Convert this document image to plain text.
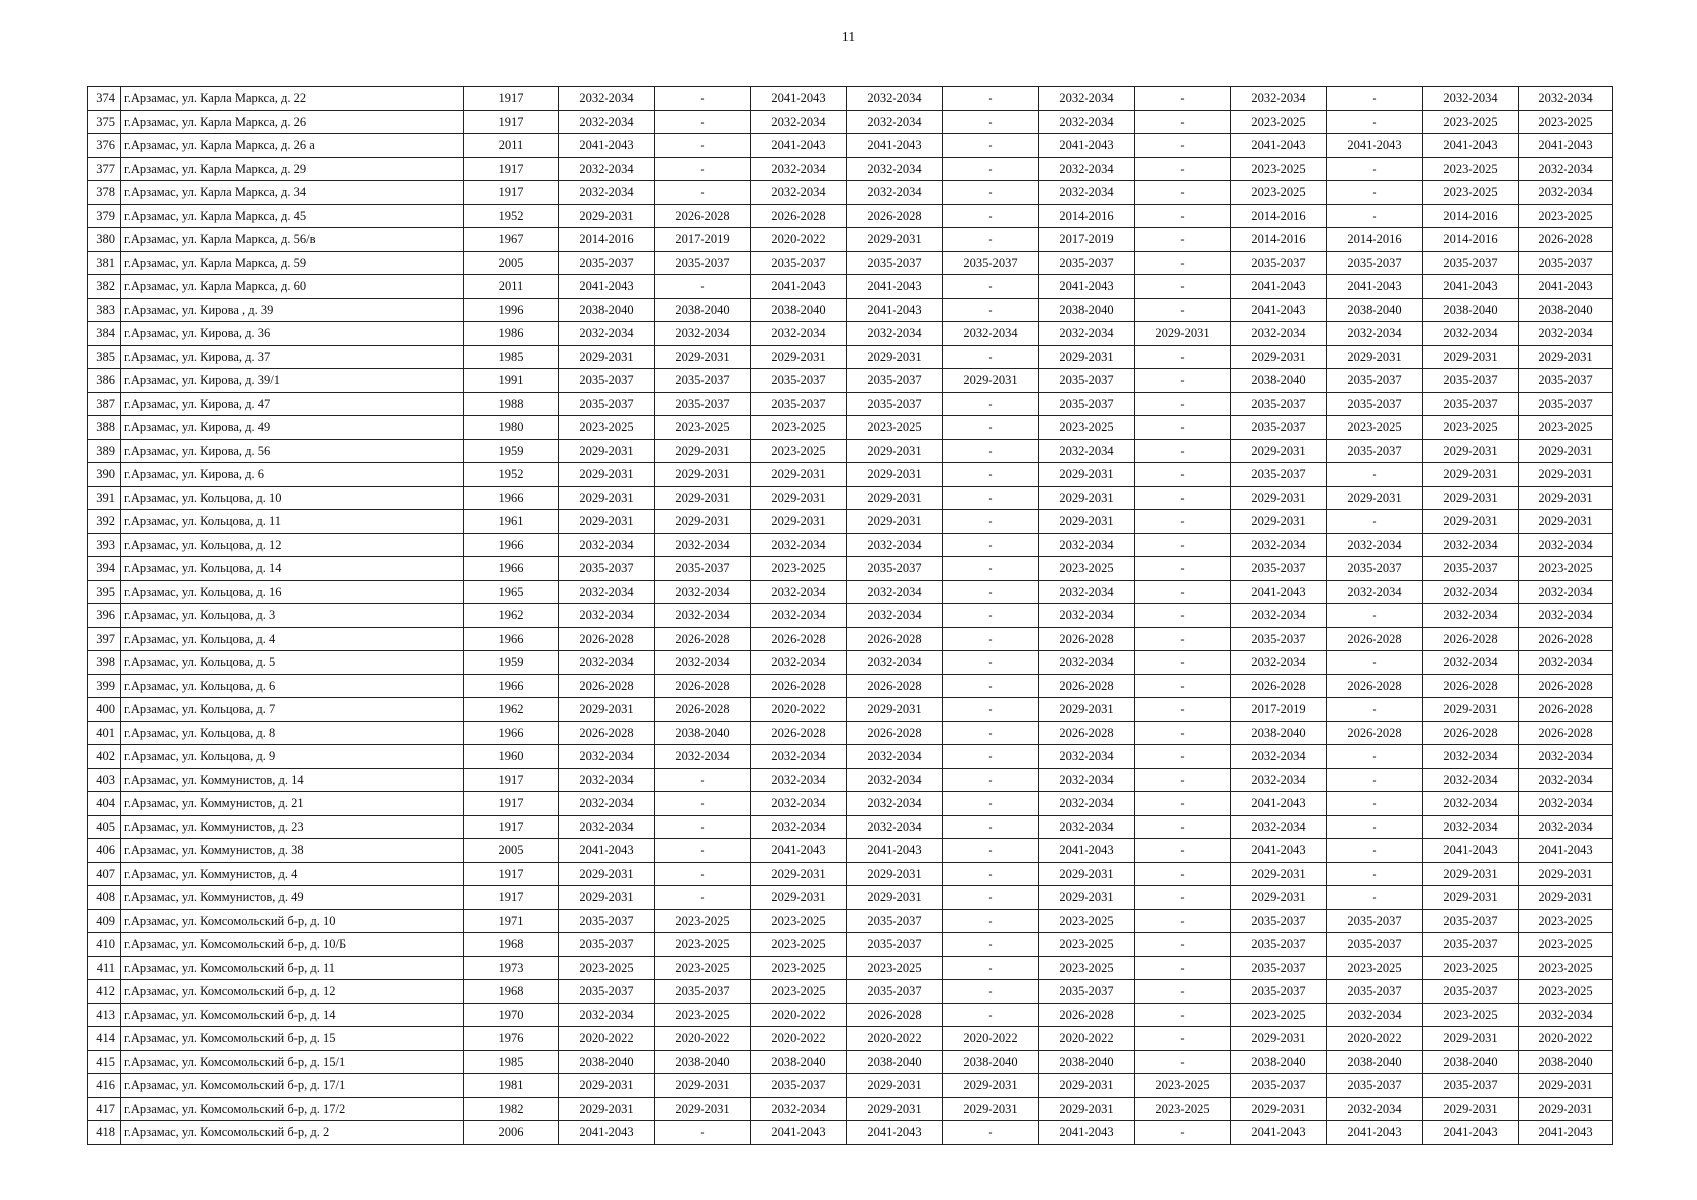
11
374	г.Арзамас, ул. Карла Маркса, д. 22	1917	2032-2034	-	2041-2043	2032-2034	-	2032-2034	-	2032-2034	-	2032-2034	2032-2034
375	г.Арзамас, ул. Карла Маркса, д. 26	1917	2032-2034	-	2032-2034	2032-2034	-	2032-2034	-	2023-2025	-	2023-2025	2023-2025
376	г.Арзамас, ул. Карла Маркса, д. 26 а	2011	2041-2043	-	2041-2043	2041-2043	-	2041-2043	-	2041-2043	2041-2043	2041-2043	2041-2043
377	г.Арзамас, ул. Карла Маркса, д. 29	1917	2032-2034	-	2032-2034	2032-2034	-	2032-2034	-	2023-2025	-	2023-2025	2032-2034
378	г.Арзамас, ул. Карла Маркса, д. 34	1917	2032-2034	-	2032-2034	2032-2034	-	2032-2034	-	2023-2025	-	2023-2025	2032-2034
379	г.Арзамас, ул. Карла Маркса, д. 45	1952	2029-2031	2026-2028	2026-2028	2026-2028	-	2014-2016	-	2014-2016	-	2014-2016	2023-2025
380	г.Арзамас, ул. Карла Маркса, д. 56/в	1967	2014-2016	2017-2019	2020-2022	2029-2031	-	2017-2019	-	2014-2016	2014-2016	2014-2016	2026-2028
381	г.Арзамас, ул. Карла Маркса, д. 59	2005	2035-2037	2035-2037	2035-2037	2035-2037	2035-2037	2035-2037	-	2035-2037	2035-2037	2035-2037	2035-2037
382	г.Арзамас, ул. Карла Маркса, д. 60	2011	2041-2043	-	2041-2043	2041-2043	-	2041-2043	-	2041-2043	2041-2043	2041-2043	2041-2043
383	г.Арзамас, ул. Кирова , д. 39	1996	2038-2040	2038-2040	2038-2040	2041-2043	-	2038-2040	-	2041-2043	2038-2040	2038-2040	2038-2040
384	г.Арзамас, ул. Кирова, д. 36	1986	2032-2034	2032-2034	2032-2034	2032-2034	2032-2034	2032-2034	2029-2031	2032-2034	2032-2034	2032-2034	2032-2034
385	г.Арзамас, ул. Кирова, д. 37	1985	2029-2031	2029-2031	2029-2031	2029-2031	-	2029-2031	-	2029-2031	2029-2031	2029-2031	2029-2031
386	г.Арзамас, ул. Кирова, д. 39/1	1991	2035-2037	2035-2037	2035-2037	2035-2037	2029-2031	2035-2037	-	2038-2040	2035-2037	2035-2037	2035-2037
387	г.Арзамас, ул. Кирова, д. 47	1988	2035-2037	2035-2037	2035-2037	2035-2037	-	2035-2037	-	2035-2037	2035-2037	2035-2037	2035-2037
388	г.Арзамас, ул. Кирова, д. 49	1980	2023-2025	2023-2025	2023-2025	2023-2025	-	2023-2025	-	2035-2037	2023-2025	2023-2025	2023-2025
389	г.Арзамас, ул. Кирова, д. 56	1959	2029-2031	2029-2031	2023-2025	2029-2031	-	2032-2034	-	2029-2031	2035-2037	2029-2031	2029-2031
390	г.Арзамас, ул. Кирова, д. 6	1952	2029-2031	2029-2031	2029-2031	2029-2031	-	2029-2031	-	2035-2037	-	2029-2031	2029-2031
391	г.Арзамас, ул. Кольцова, д. 10	1966	2029-2031	2029-2031	2029-2031	2029-2031	-	2029-2031	-	2029-2031	2029-2031	2029-2031	2029-2031
392	г.Арзамас, ул. Кольцова, д. 11	1961	2029-2031	2029-2031	2029-2031	2029-2031	-	2029-2031	-	2029-2031	-	2029-2031	2029-2031
393	г.Арзамас, ул. Кольцова, д. 12	1966	2032-2034	2032-2034	2032-2034	2032-2034	-	2032-2034	-	2032-2034	2032-2034	2032-2034	2032-2034
394	г.Арзамас, ул. Кольцова, д. 14	1966	2035-2037	2035-2037	2023-2025	2035-2037	-	2023-2025	-	2035-2037	2035-2037	2035-2037	2023-2025
395	г.Арзамас, ул. Кольцова, д. 16	1965	2032-2034	2032-2034	2032-2034	2032-2034	-	2032-2034	-	2041-2043	2032-2034	2032-2034	2032-2034
396	г.Арзамас, ул. Кольцова, д. 3	1962	2032-2034	2032-2034	2032-2034	2032-2034	-	2032-2034	-	2032-2034	-	2032-2034	2032-2034
397	г.Арзамас, ул. Кольцова, д. 4	1966	2026-2028	2026-2028	2026-2028	2026-2028	-	2026-2028	-	2035-2037	2026-2028	2026-2028	2026-2028
398	г.Арзамас, ул. Кольцова, д. 5	1959	2032-2034	2032-2034	2032-2034	2032-2034	-	2032-2034	-	2032-2034	-	2032-2034	2032-2034
399	г.Арзамас, ул. Кольцова, д. 6	1966	2026-2028	2026-2028	2026-2028	2026-2028	-	2026-2028	-	2026-2028	2026-2028	2026-2028	2026-2028
400	г.Арзамас, ул. Кольцова, д. 7	1962	2029-2031	2026-2028	2020-2022	2029-2031	-	2029-2031	-	2017-2019	-	2029-2031	2026-2028
401	г.Арзамас, ул. Кольцова, д. 8	1966	2026-2028	2038-2040	2026-2028	2026-2028	-	2026-2028	-	2038-2040	2026-2028	2026-2028	2026-2028
402	г.Арзамас, ул. Кольцова, д. 9	1960	2032-2034	2032-2034	2032-2034	2032-2034	-	2032-2034	-	2032-2034	-	2032-2034	2032-2034
403	г.Арзамас, ул. Коммунистов, д. 14	1917	2032-2034	-	2032-2034	2032-2034	-	2032-2034	-	2032-2034	-	2032-2034	2032-2034
404	г.Арзамас, ул. Коммунистов, д. 21	1917	2032-2034	-	2032-2034	2032-2034	-	2032-2034	-	2041-2043	-	2032-2034	2032-2034
405	г.Арзамас, ул. Коммунистов, д. 23	1917	2032-2034	-	2032-2034	2032-2034	-	2032-2034	-	2032-2034	-	2032-2034	2032-2034
406	г.Арзамас, ул. Коммунистов, д. 38	2005	2041-2043	-	2041-2043	2041-2043	-	2041-2043	-	2041-2043	-	2041-2043	2041-2043
407	г.Арзамас, ул. Коммунистов, д. 4	1917	2029-2031	-	2029-2031	2029-2031	-	2029-2031	-	2029-2031	-	2029-2031	2029-2031
408	г.Арзамас, ул. Коммунистов, д. 49	1917	2029-2031	-	2029-2031	2029-2031	-	2029-2031	-	2029-2031	-	2029-2031	2029-2031
409	г.Арзамас, ул. Комсомольский б-р, д. 10	1971	2035-2037	2023-2025	2023-2025	2035-2037	-	2023-2025	-	2035-2037	2035-2037	2035-2037	2023-2025
410	г.Арзамас, ул. Комсомольский б-р, д. 10/Б	1968	2035-2037	2023-2025	2023-2025	2035-2037	-	2023-2025	-	2035-2037	2035-2037	2035-2037	2023-2025
411	г.Арзамас, ул. Комсомольский б-р, д. 11	1973	2023-2025	2023-2025	2023-2025	2023-2025	-	2023-2025	-	2035-2037	2023-2025	2023-2025	2023-2025
412	г.Арзамас, ул. Комсомольский б-р, д. 12	1968	2035-2037	2035-2037	2023-2025	2035-2037	-	2035-2037	-	2035-2037	2035-2037	2035-2037	2023-2025
413	г.Арзамас, ул. Комсомольский б-р, д. 14	1970	2032-2034	2023-2025	2020-2022	2026-2028	-	2026-2028	-	2023-2025	2032-2034	2023-2025	2032-2034
414	г.Арзамас, ул. Комсомольский б-р, д. 15	1976	2020-2022	2020-2022	2020-2022	2020-2022	2020-2022	2020-2022	-	2029-2031	2020-2022	2029-2031	2020-2022
415	г.Арзамас, ул. Комсомольский б-р, д. 15/1	1985	2038-2040	2038-2040	2038-2040	2038-2040	2038-2040	2038-2040	-	2038-2040	2038-2040	2038-2040	2038-2040
416	г.Арзамас, ул. Комсомольский б-р, д. 17/1	1981	2029-2031	2029-2031	2035-2037	2029-2031	2029-2031	2029-2031	2023-2025	2035-2037	2035-2037	2035-2037	2029-2031
417	г.Арзамас, ул. Комсомольский б-р, д. 17/2	1982	2029-2031	2029-2031	2032-2034	2029-2031	2029-2031	2029-2031	2023-2025	2029-2031	2032-2034	2029-2031	2029-2031
418	г.Арзамас, ул. Комсомольский б-р, д. 2	2006	2041-2043	-	2041-2043	2041-2043	-	2041-2043	-	2041-2043	2041-2043	2041-2043	2041-2043
